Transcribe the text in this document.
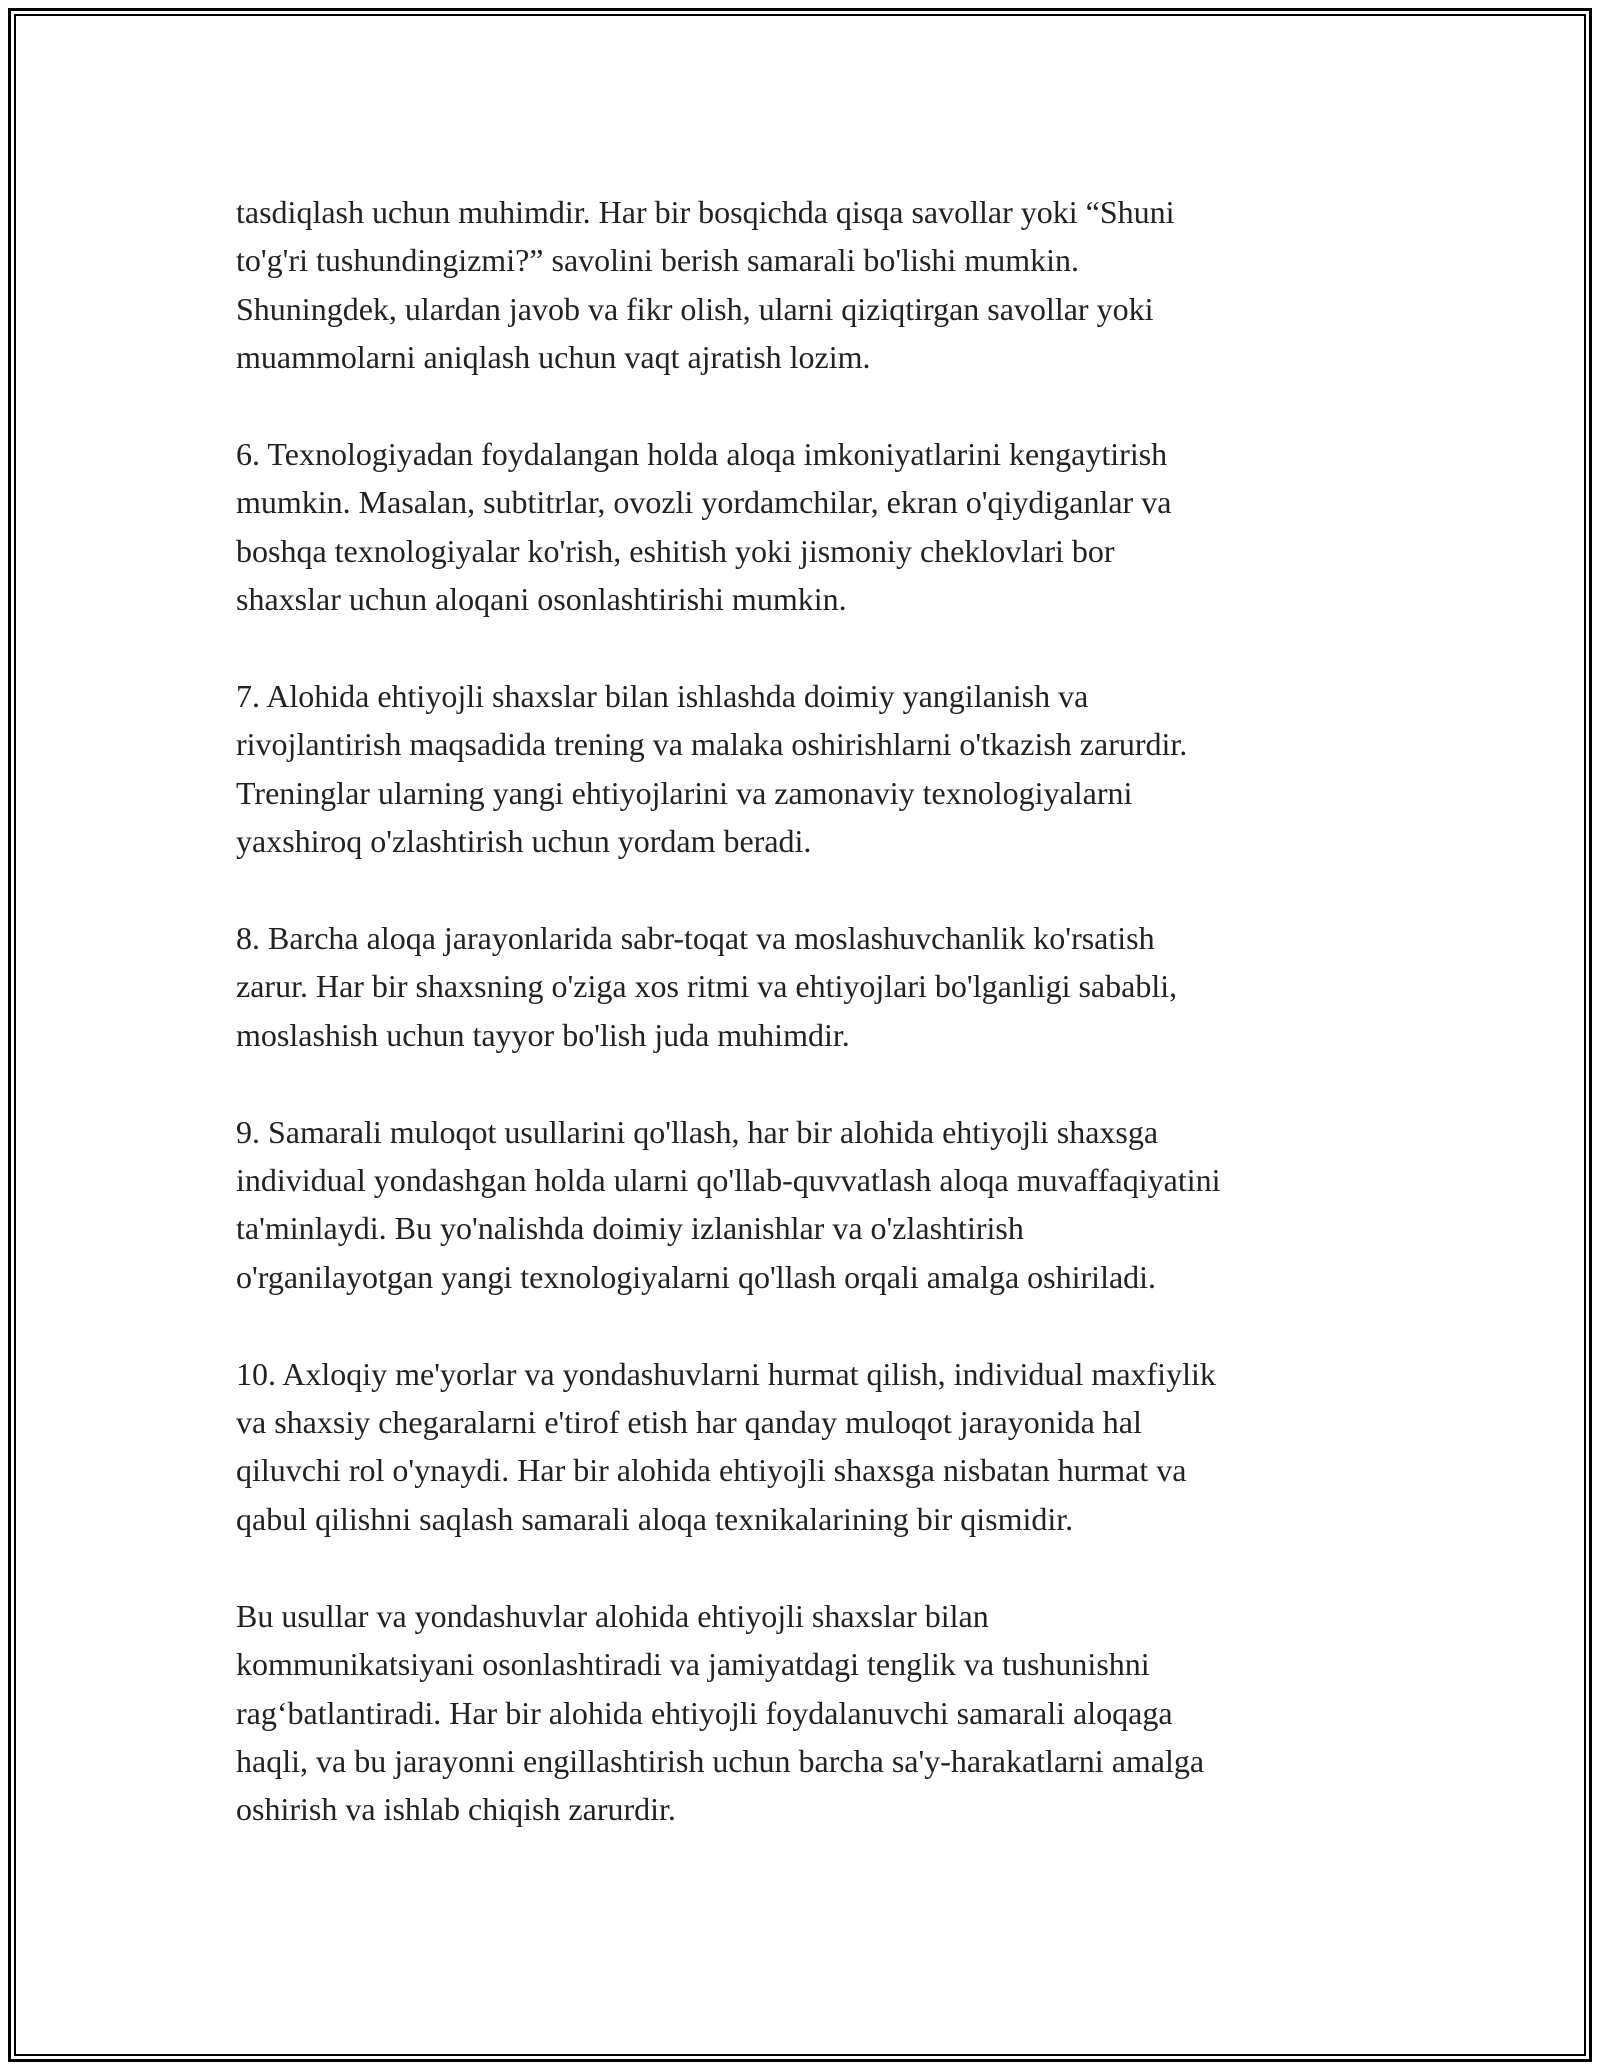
tasdiqlash uchun muhimdir. Har bir bosqichda qisqa savollar yoki “Shuni
to'g'ri tushundingizmi?” savolini berish samarali bo'lishi mumkin.
Shuningdek, ulardan javob va fikr olish, ularni qiziqtirgan savollar yoki
muammolarni aniqlash uchun vaqt ajratish lozim.

6. Texnologiyadan foydalangan holda aloqa imkoniyatlarini kengaytirish
mumkin. Masalan, subtitrlar, ovozli yordamchilar, ekran o'qiydiganlar va
boshqa texnologiyalar ko'rish, eshitish yoki jismoniy cheklovlari bor
shaxslar uchun aloqani osonlashtirishi mumkin.

7. Alohida ehtiyojli shaxslar bilan ishlashda doimiy yangilanish va
rivojlantirish maqsadida trening va malaka oshirishlarni o'tkazish zarurdir.
Treninglar ularning yangi ehtiyojlarini va zamonaviy texnologiyalarni
yaxshiroq o'zlashtirish uchun yordam beradi.

8. Barcha aloqa jarayonlarida sabr-toqat va moslashuvchanlik ko'rsatish
zarur. Har bir shaxsning o'ziga xos ritmi va ehtiyojlari bo'lganligi sababli,
moslashish uchun tayyor bo'lish juda muhimdir.

9. Samarali muloqot usullarini qo'llash, har bir alohida ehtiyojli shaxsga
individual yondashgan holda ularni qo'llab-quvvatlash aloqa muvaffaqiyatini
ta'minlaydi. Bu yo'nalishda doimiy izlanishlar va o'zlashtirish
o'rganilayotgan yangi texnologiyalarni qo'llash orqali amalga oshiriladi.

10. Axloqiy me'yorlar va yondashuvlarni hurmat qilish, individual maxfiylik
va shaxsiy chegaralarni e'tirof etish har qanday muloqot jarayonida hal
qiluvchi rol o'ynaydi. Har bir alohida ehtiyojli shaxsga nisbatan hurmat va
qabul qilishni saqlash samarali aloqa texnikalarining bir qismidir.

Bu usullar va yondashuvlar alohida ehtiyojli shaxslar bilan
kommunikatsiyani osonlashtiradi va jamiyatdagi tenglik va tushunishni
rag‘batlantiradi. Har bir alohida ehtiyojli foydalanuvchi samarali aloqaga
haqli, va bu jarayonni engillashtirish uchun barcha sa'y-harakatlarni amalga
oshirish va ishlab chiqish zarurdir.
